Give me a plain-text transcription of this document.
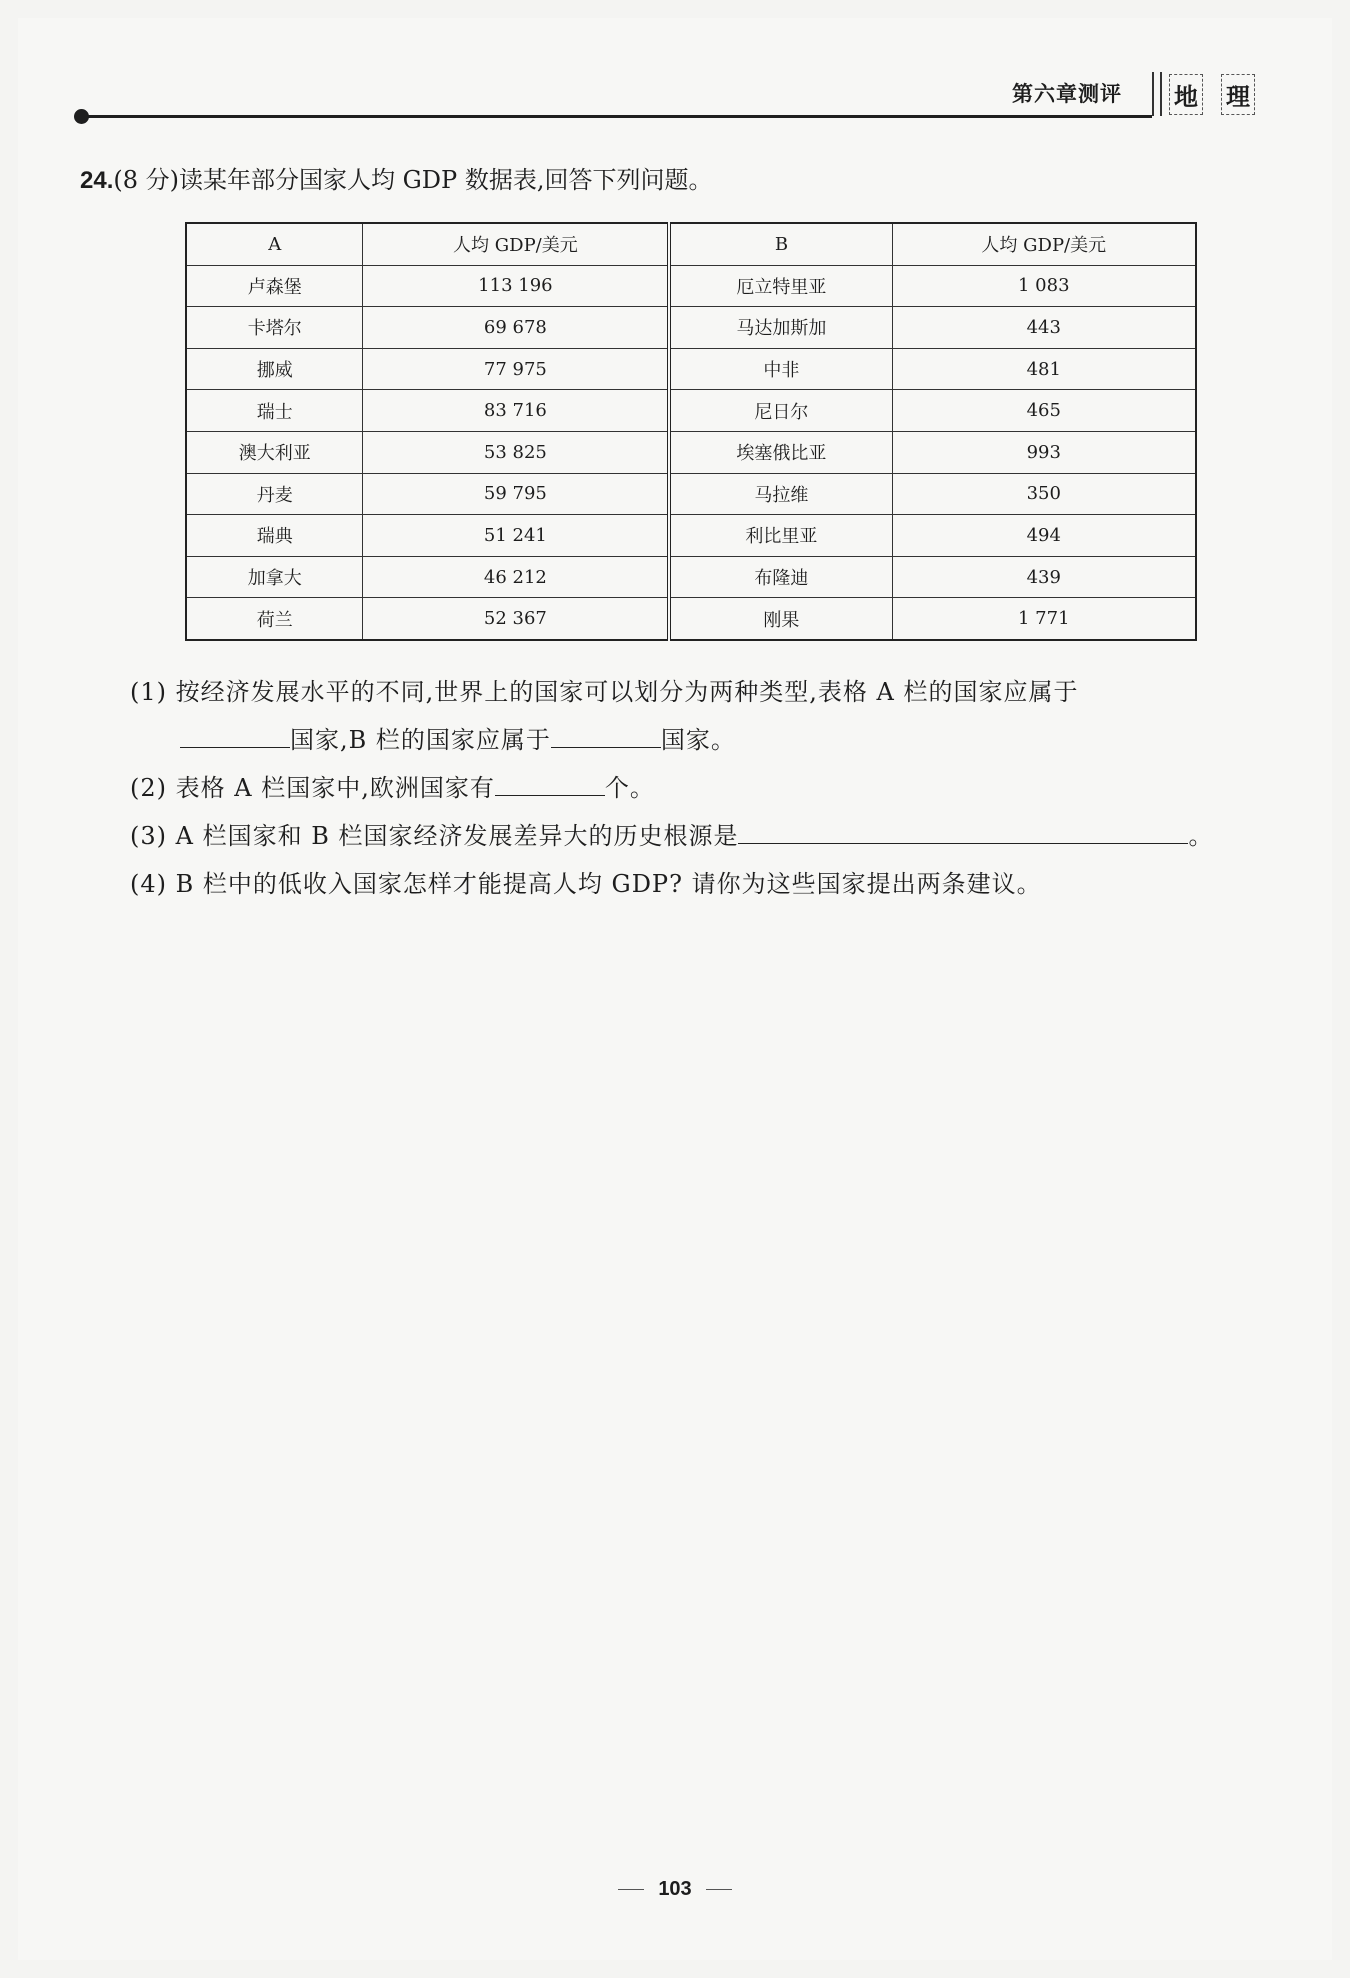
第六章测评 地 理
24.(8 分)读某年部分国家人均 GDP 数据表,回答下列问题。
A	人均 GDP/美元	B	人均 GDP/美元
卢森堡	113 196	厄立特里亚	1 083
卡塔尔	69 678	马达加斯加	443
挪威	77 975	中非	481
瑞士	83 716	尼日尔	465
澳大利亚	53 825	埃塞俄比亚	993
丹麦	59 795	马拉维	350
瑞典	51 241	利比里亚	494
加拿大	46 212	布隆迪	439
荷兰	52 367	刚果	1 771
(1) 按经济发展水平的不同,世界上的国家可以划分为两种类型,表格 A 栏的国家应属于
国家,B 栏的国家应属于	国家。
(2) 表格 A 栏国家中,欧洲国家有	个。
(3) A 栏国家和 B 栏国家经济发展差异大的历史根源是	。
(4) B 栏中的低收入国家怎样才能提高人均 GDP? 请你为这些国家提出两条建议。
103
